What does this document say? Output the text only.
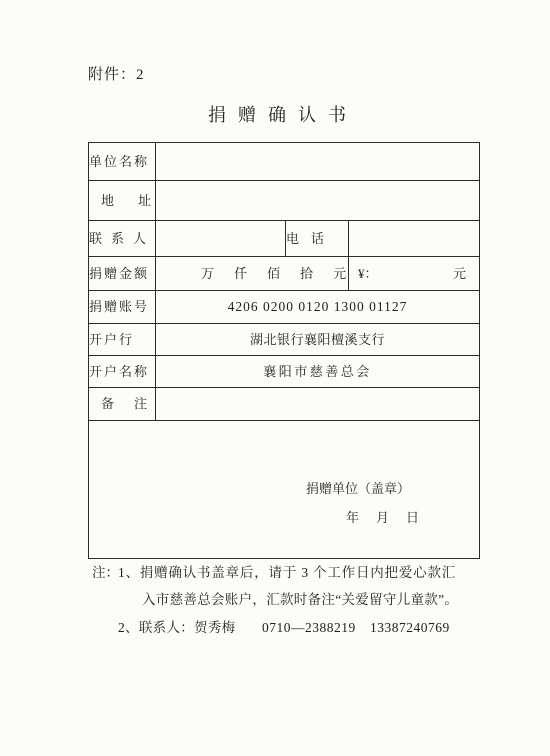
附件：2
捐赠确认书
单位名称			
地址			
联系人		电话	
捐赠金额	万 仟 佰 拾 元		¥： 元

捐赠账号	4206 0200 0120 1300 01127		
开户行	湖北银行襄阳檀溪支行		
开户名称	襄阳市慈善总会		
备注			

捐赠单位（盖章）
年 月 日			
注： 1、捐赠确认书盖章后，请于 3 个工作日内把爱心款汇
入市慈善总会账户，汇款时备注“关爱留守儿童款”。
2、联系人：贺秀梅 0710—2388219 13387240769
